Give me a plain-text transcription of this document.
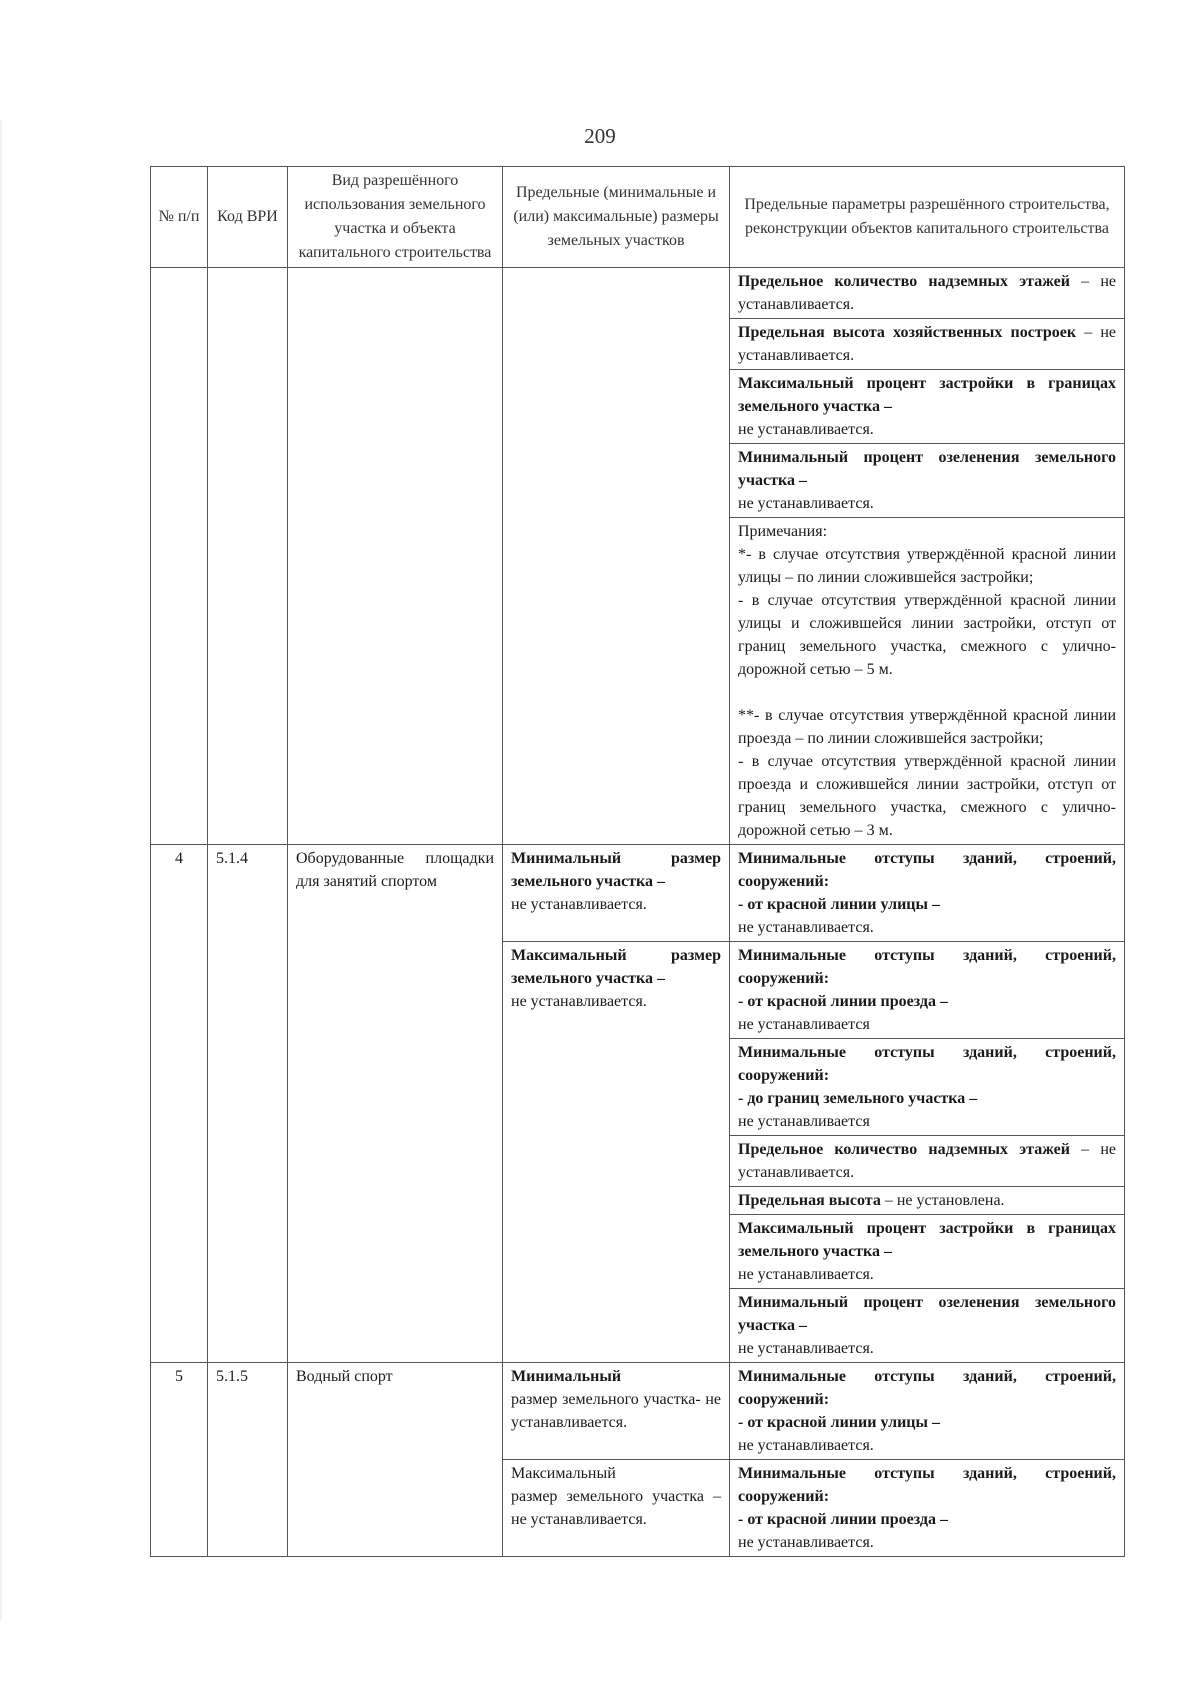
209
№ п/п	Код ВРИ	Вид разрешённого использования земельного участка и объекта капитального строительства	Предельные (минимальные и (или) максимальные) размеры земельных участков	Предельные параметры разрешённого строительства, реконструкции объектов капитального строительства
				Предельное количество надземных этажей – не устанавливается.
				Предельная высота хозяйственных построек – не устанавливается.
				Максимальный процент застройки в границах земельного участка –
не устанавливается.
				Минимальный процент озеленения земельного участка –
не устанавливается.

				Примечания:
*- в случае отсутствия утверждённой красной линии улицы – по линии сложившейся застройки;
- в случае отсутствия утверждённой красной линии улицы и сложившейся линии застройки, отступ от границ земельного участка, смежного с улично-дорожной сетью – 5 м.
**- в случае отсутствия утверждённой красной линии проезда – по линии сложившейся застройки;
- в случае отсутствия утверждённой красной линии проезда и сложившейся линии застройки, отступ от границ земельного участка, смежного с улично-дорожной сетью – 3 м.

4	5.1.4	Оборудованные площадки для занятий спортом	Минимальный размер земельного участка –
не устанавливается.	Минимальные отступы зданий, строений, сооружений:
- от красной линии улицы –
не устанавливается.
			Максимальный размер земельного участка –
не устанавливается.	Минимальные отступы зданий, строений, сооружений:
- от красной линии проезда –
не устанавливается
				Минимальные отступы зданий, строений, сооружений:
- до границ земельного участка –
не устанавливается
				Предельное количество надземных этажей – не устанавливается.
				Предельная высота – не установлена.
				Максимальный процент застройки в границах земельного участка –
не устанавливается.
				Минимальный процент озеленения земельного участка –
не устанавливается.
5	5.1.5	Водный спорт	Минимальный
размер земельного участка- не устанавливается.	Минимальные отступы зданий, строений, сооружений:
- от красной линии улицы –
не устанавливается.
			Максимальный
размер земельного участка – не устанавливается.	Минимальные отступы зданий, строений, сооружений:
- от красной линии проезда –
не устанавливается.
